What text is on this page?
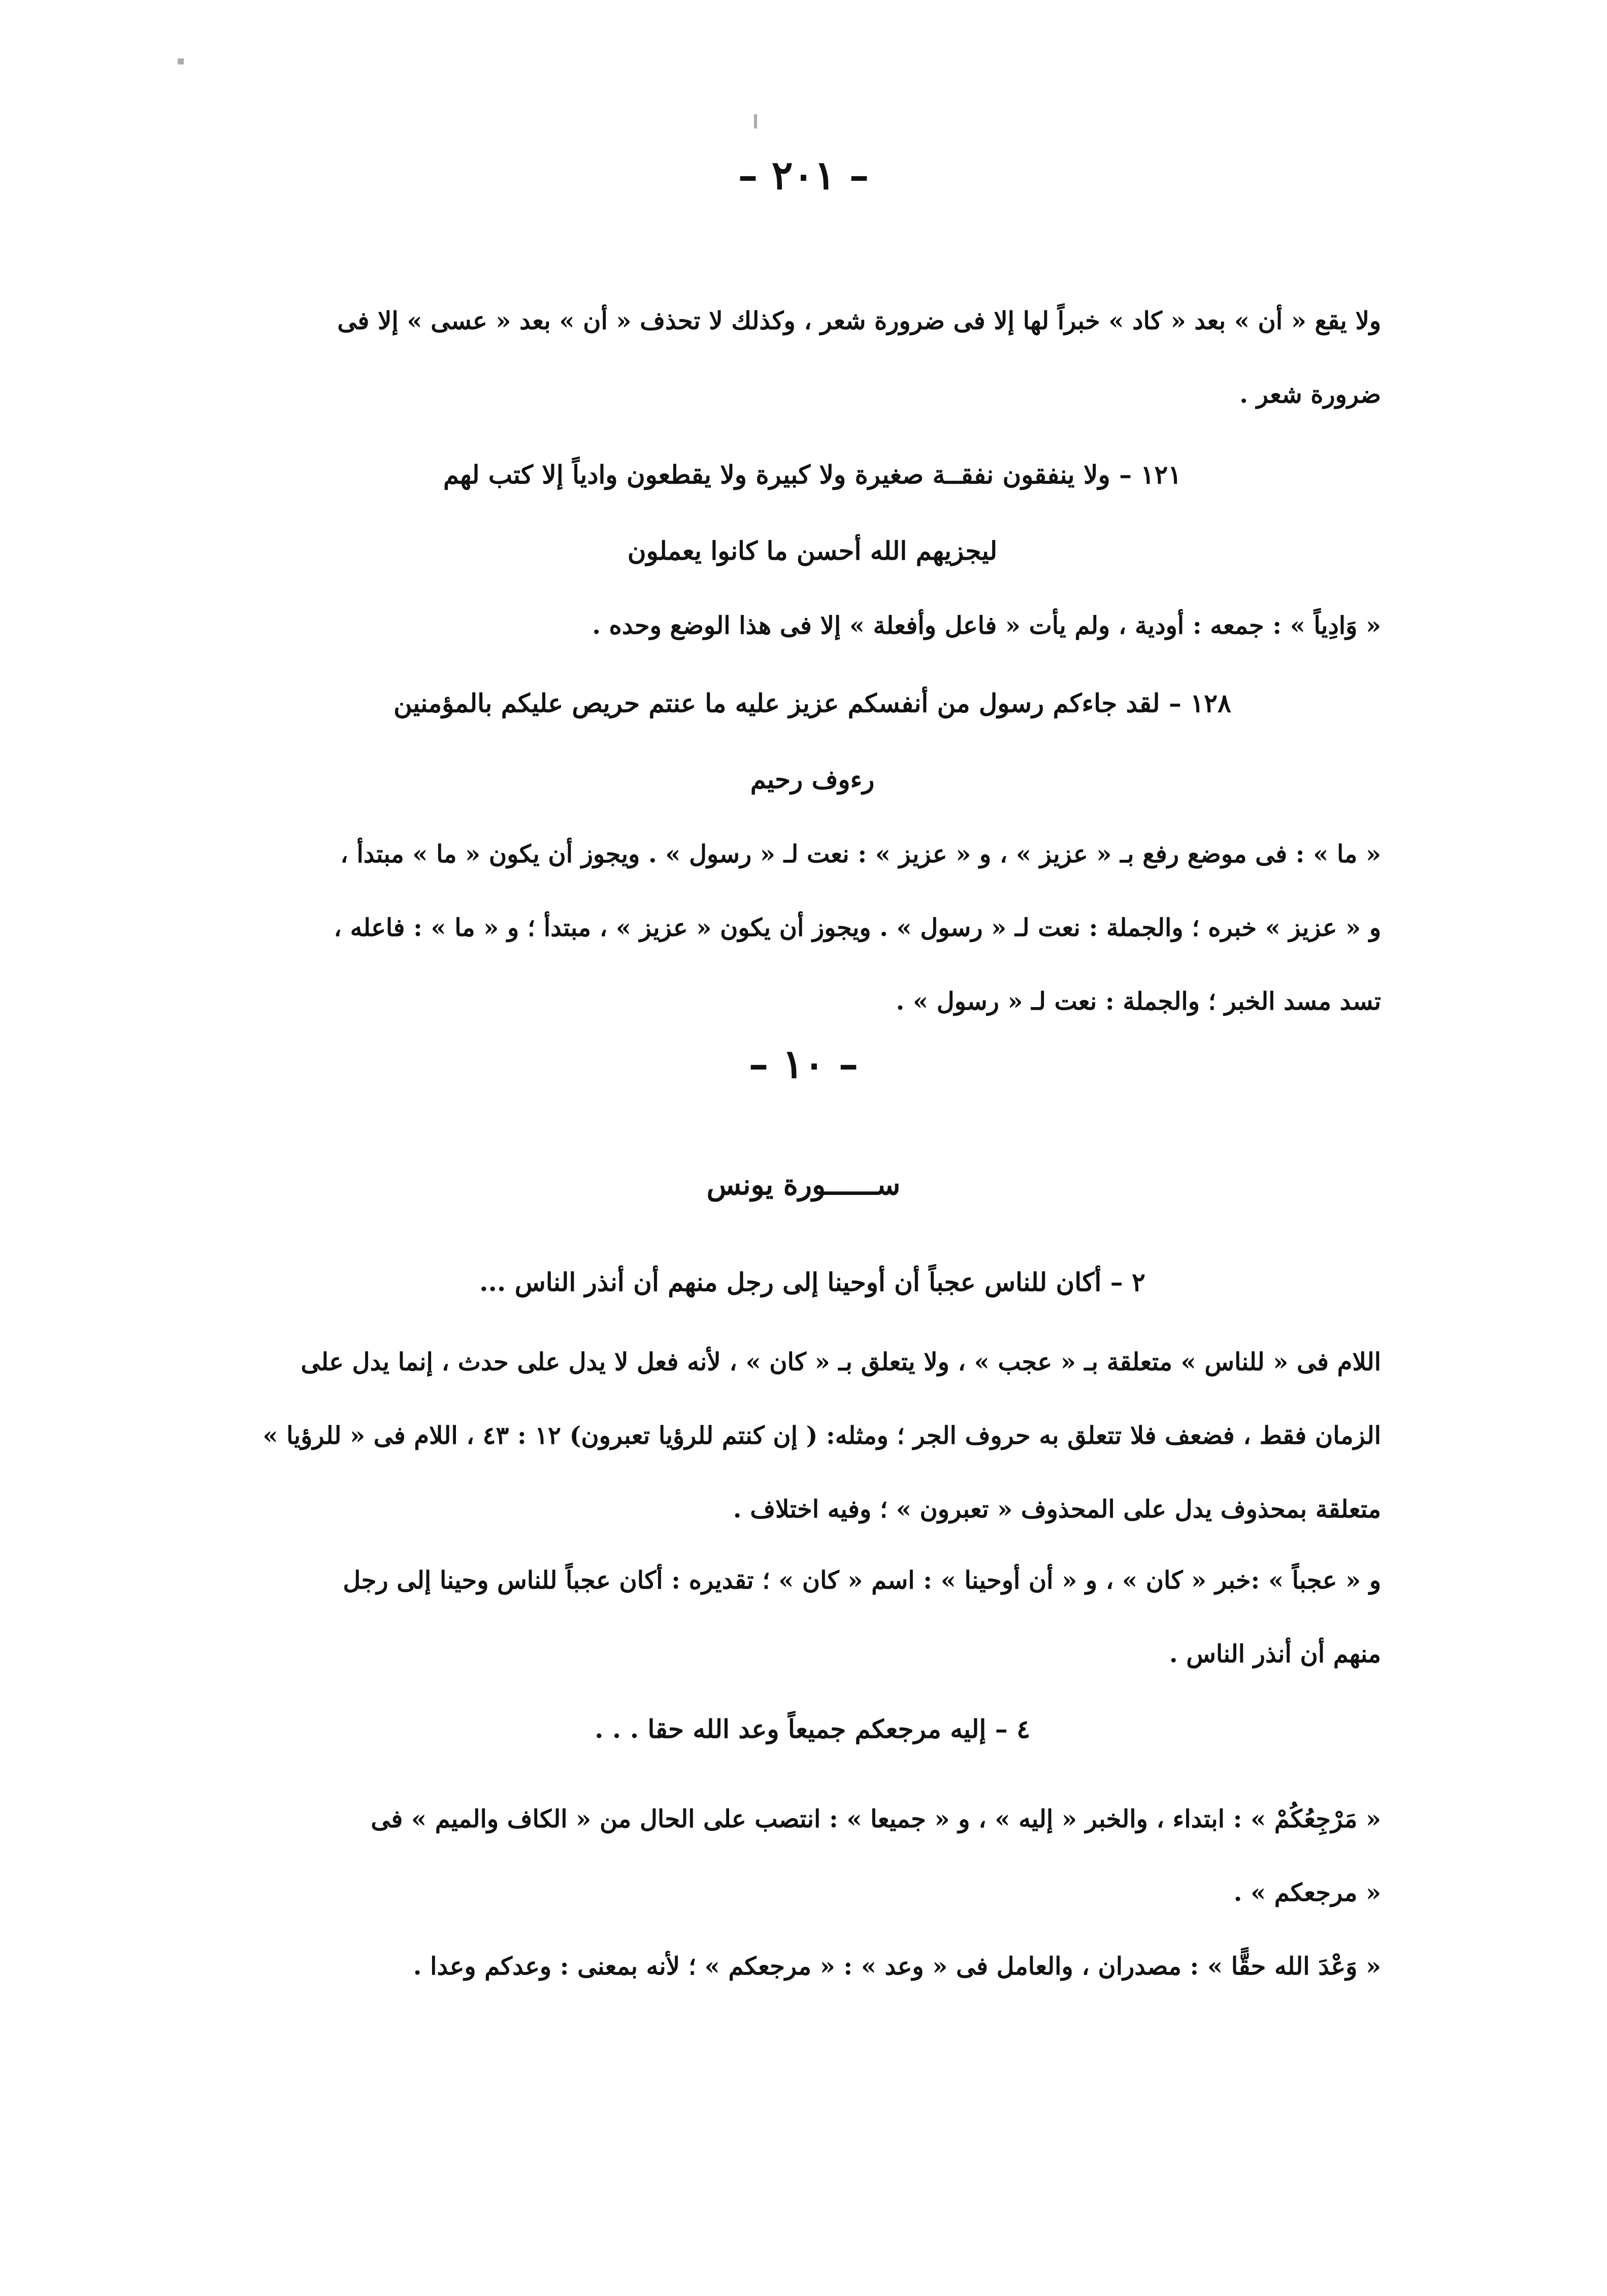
– ٢٠١ –
ولا يقع « أن » بعد « كاد » خبراً لها إلا فى ضرورة شعر ، وكذلك لا تحذف « أن » بعد « عسى » إلا فى
ضرورة شعر .
١٢١ – ولا ينفقون نفقــة صغيرة ولا كبيرة ولا يقطعون وادياً إلا كتب لهم
ليجزيهم الله أحسن ما كانوا يعملون
« وَادِياً » : جمعه : أودية ، ولم يأت « فاعل وأفعلة » إلا فى هذا الوضع وحده .
١٢٨ – لقد جاءكم رسول من أنفسكم عزيز عليه ما عنتم حريص عليكم بالمؤمنين
رءوف رحيم
« ما » : فى موضع رفع بـ « عزيز » ، و « عزيز » : نعت لـ « رسول » . ويجوز أن يكون « ما » مبتدأ ،
و « عزيز » خبره ؛ والجملة : نعت لـ « رسول » . ويجوز أن يكون « عزيز » ، مبتدأ ؛ و « ما » : فاعله ،
تسد مسد الخبر ؛ والجملة : نعت لـ « رسول » .
– ١٠ –
ســــــورة يونس
٢ – أكان للناس عجباً أن أوحينا إلى رجل منهم أن أنذر الناس ...
اللام فى « للناس » متعلقة بـ « عجب » ، ولا يتعلق بـ « كان » ، لأنه فعل لا يدل على حدث ، إنما يدل على
الزمان فقط ، فضعف فلا تتعلق به حروف الجر ؛ ومثله: ( إن كنتم للرؤيا تعبرون) ١٢ : ٤٣ ، اللام فى « للرؤيا »
متعلقة بمحذوف يدل على المحذوف « تعبرون » ؛ وفيه اختلاف .
و « عجباً » :خبر « كان » ، و « أن أوحينا » : اسم « كان » ؛ تقديره : أكان عجباً للناس وحينا إلى رجل
منهم أن أنذر الناس .
٤ – إليه مرجعكم جميعاً وعد الله حقا . . .
« مَرْجِعُكُمْ » : ابتداء ، والخبر « إليه » ، و « جميعا » : انتصب على الحال من « الكاف والميم » فى
« مرجعكم » .
« وَعْدَ الله حقًّا » : مصدران ، والعامل فى « وعد » : « مرجعكم » ؛ لأنه بمعنى : وعدكم وعدا .
